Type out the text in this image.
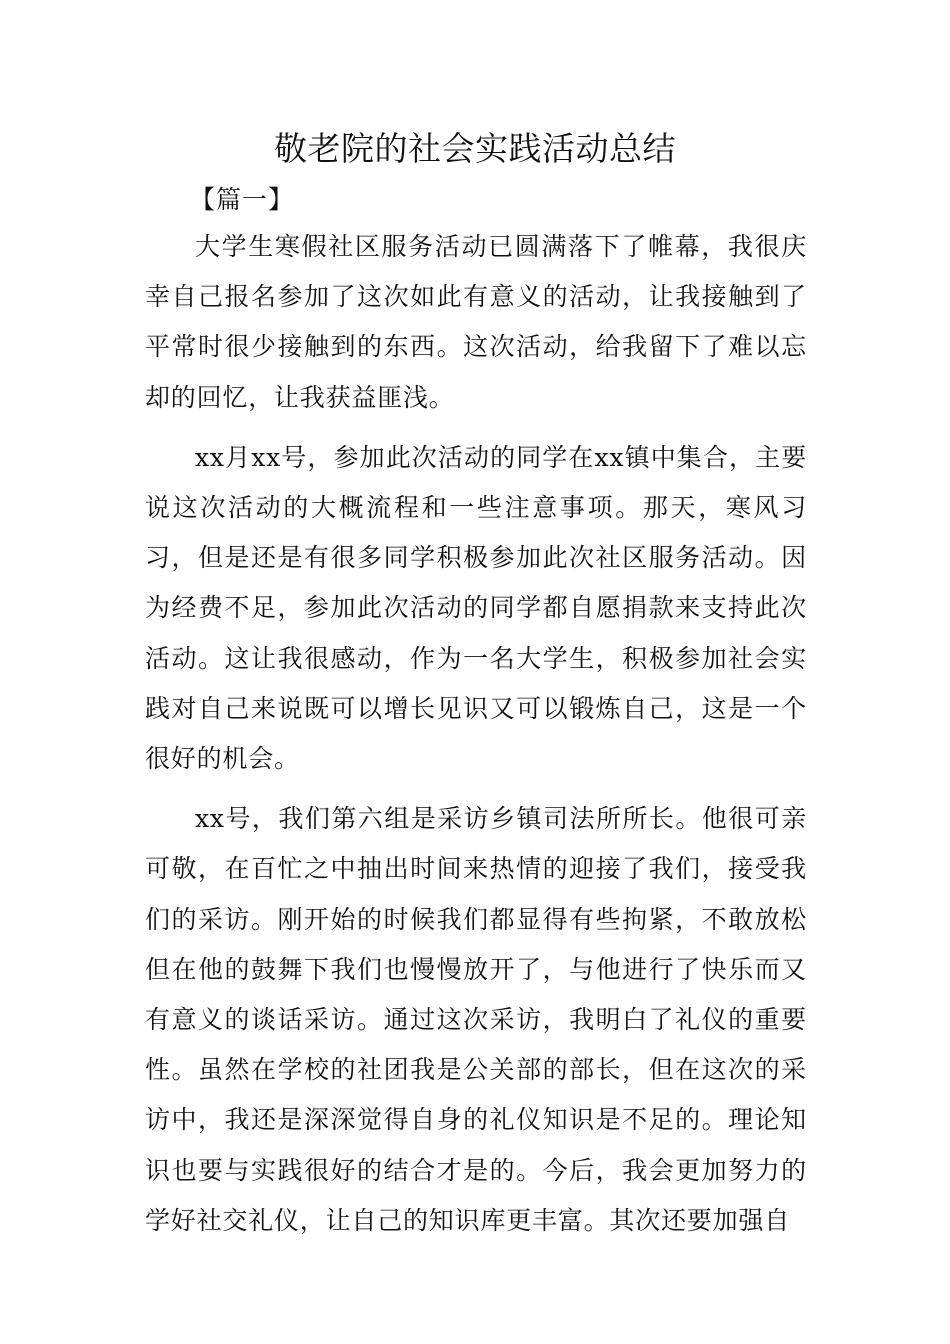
敬老院的社会实践活动总结

【篇一】

大学生寒假社区服务活动已圆满落下了帷幕，我很庆幸自己报名参加了这次如此有意义的活动，让我接触到了平常时很少接触到的东西。这次活动，给我留下了难以忘却的回忆，让我获益匪浅。

xx月xx号，参加此次活动的同学在xx镇中集合，主要说这次活动的大概流程和一些注意事项。那天，寒风习习，但是还是有很多同学积极参加此次社区服务活动。因为经费不足，参加此次活动的同学都自愿捐款来支持此次活动。这让我很感动，作为一名大学生，积极参加社会实践对自己来说既可以增长见识又可以锻炼自己，这是一个很好的机会。

xx号，我们第六组是采访乡镇司法所所长。他很可亲可敬，在百忙之中抽出时间来热情的迎接了我们，接受我们的采访。刚开始的时候我们都显得有些拘紧，不敢放松但在他的鼓舞下我们也慢慢放开了，与他进行了快乐而又有意义的谈话采访。通过这次采访，我明白了礼仪的重要性。虽然在学校的社团我是公关部的部长，但在这次的采访中，我还是深深觉得自身的礼仪知识是不足的。理论知识也要与实践很好的结合才是的。今后，我会更加努力的学好社交礼仪，让自己的知识库更丰富。其次还要加强自
